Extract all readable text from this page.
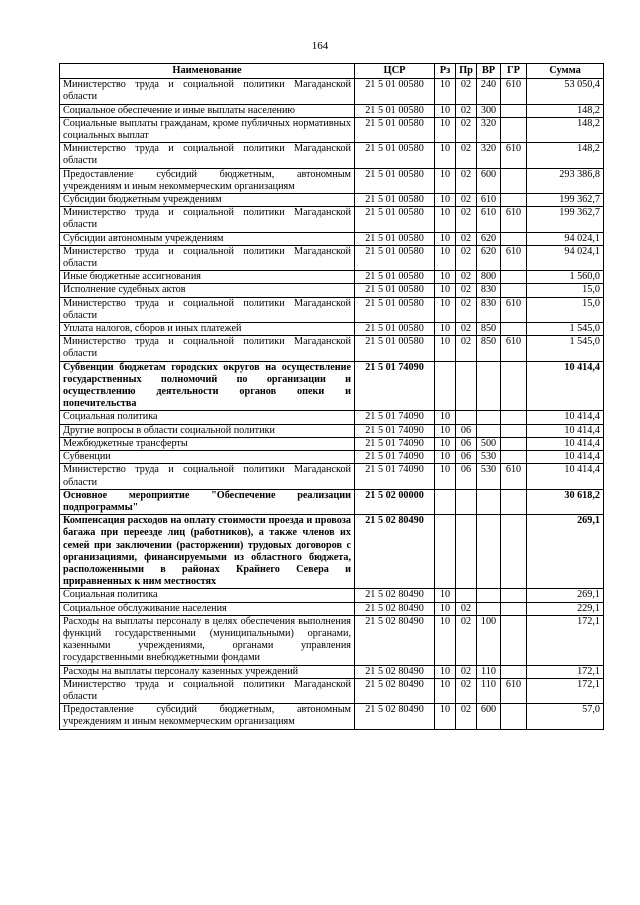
164
Наименование	ЦСР	Рз	Пр	ВР	ГР	Сумма
Министерство труда и социальной политики Магаданской области	21 5 01 00580	10	02	240	610	53 050,4
Социальное обеспечение и иные выплаты населению	21 5 01 00580	10	02	300		148,2
Социальные выплаты гражданам, кроме публичных нормативных социальных выплат	21 5 01 00580	10	02	320		148,2
Министерство труда и социальной политики Магаданской области	21 5 01 00580	10	02	320	610	148,2
Предоставление субсидий бюджетным, автономным учреждениям и иным некоммерческим организациям	21 5 01 00580	10	02	600		293 386,8
Субсидии бюджетным учреждениям	21 5 01 00580	10	02	610		199 362,7
Министерство труда и социальной политики Магаданской области	21 5 01 00580	10	02	610	610	199 362,7
Субсидии автономным учреждениям	21 5 01 00580	10	02	620		94 024,1
Министерство труда и социальной политики Магаданской области	21 5 01 00580	10	02	620	610	94 024,1
Иные бюджетные ассигнования	21 5 01 00580	10	02	800		1 560,0
Исполнение судебных актов	21 5 01 00580	10	02	830		15,0
Министерство труда и социальной политики Магаданской области	21 5 01 00580	10	02	830	610	15,0
Уплата налогов, сборов и иных платежей	21 5 01 00580	10	02	850		1 545,0
Министерство труда и социальной политики Магаданской области	21 5 01 00580	10	02	850	610	1 545,0
Субвенции бюджетам городских округов на осуществление государственных полномочий по организации и осуществлению деятельности органов опеки и попечительства	21 5 01 74090					10 414,4
Социальная политика	21 5 01 74090	10				10 414,4
Другие вопросы в области социальной политики	21 5 01 74090	10	06			10 414,4
Межбюджетные трансферты	21 5 01 74090	10	06	500		10 414,4
Субвенции	21 5 01 74090	10	06	530		10 414,4
Министерство труда и социальной политики Магаданской области	21 5 01 74090	10	06	530	610	10 414,4
Основное мероприятие "Обеспечение реализации подпрограммы"	21 5 02 00000					30 618,2
Компенсация расходов на оплату стоимости проезда и провоза багажа при переезде лиц (работников), а также членов их семей при заключении (расторжении) трудовых договоров с организациями, финансируемыми из областного бюджета, расположенными в районах Крайнего Севера и приравненных к ним местностях	21 5 02 80490					269,1
Социальная политика	21 5 02 80490	10				269,1
Социальное обслуживание населения	21 5 02 80490	10	02			229,1
Расходы на выплаты персоналу в целях обеспечения выполнения функций государственными (муниципальными) органами, казенными учреждениями, органами управления государственными внебюджетными фондами	21 5 02 80490	10	02	100		172,1
Расходы на выплаты персоналу казенных учреждений	21 5 02 80490	10	02	110		172,1
Министерство труда и социальной политики Магаданской области	21 5 02 80490	10	02	110	610	172,1
Предоставление субсидий бюджетным, автономным учреждениям и иным некоммерческим организациям	21 5 02 80490	10	02	600		57,0
